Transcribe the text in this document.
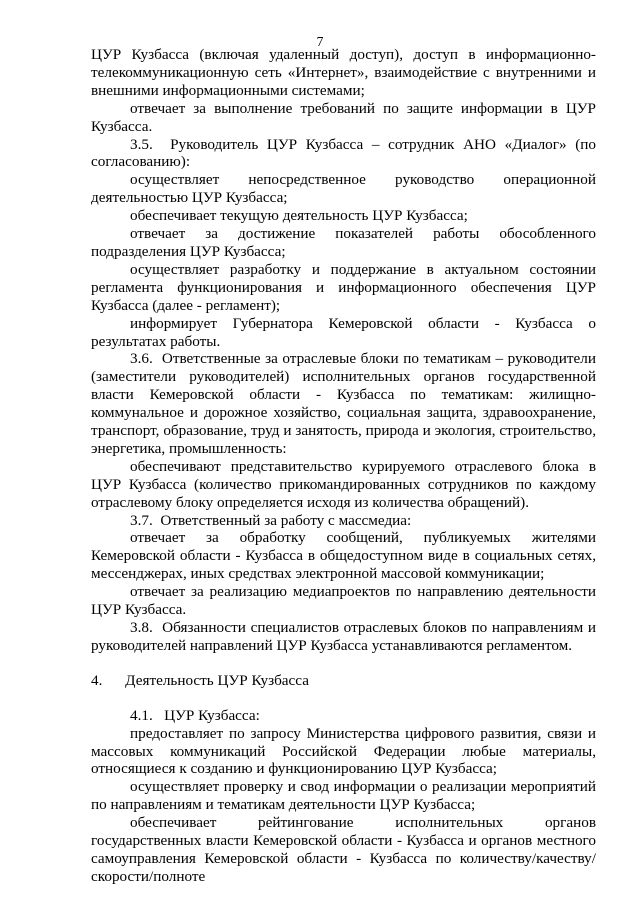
7

ЦУР Кузбасса (включая удаленный доступ), доступ в информационно-телекоммуникационную сеть «Интернет», взаимодействие с внутренними и внешними информационными системами;

отвечает за выполнение требований по защите информации в ЦУР Кузбасса.

3.5.  Руководитель ЦУР Кузбасса – сотрудник АНО «Диалог» (по согласованию):

осуществляет непосредственное руководство операционной деятельностью ЦУР Кузбасса;

обеспечивает текущую деятельность ЦУР Кузбасса;

отвечает за достижение показателей работы обособленного подразделения ЦУР Кузбасса;

осуществляет разработку и поддержание в актуальном состоянии регламента функционирования и информационного обеспечения ЦУР Кузбасса (далее - регламент);

информирует Губернатора Кемеровской области - Кузбасса о результатах работы.

3.6.  Ответственные за отраслевые блоки по тематикам – руководители (заместители руководителей) исполнительных органов государственной власти Кемеровской области - Кузбасса по тематикам: жилищно-коммунальное и дорожное хозяйство, социальная защита, здравоохранение, транспорт, образование, труд и занятость, природа и экология, строительство, энергетика, промышленность:

обеспечивают представительство курируемого отраслевого блока в ЦУР Кузбасса (количество прикомандированных сотрудников по каждому отраслевому блоку определяется исходя из количества обращений).

3.7.  Ответственный за работу с массмедиа:

отвечает за обработку сообщений, публикуемых жителями Кемеровской области - Кузбасса в общедоступном виде в социальных сетях, мессенджерах, иных средствах электронной массовой коммуникации;

отвечает за реализацию медиапроектов по направлению деятельности ЦУР Кузбасса.

3.8.  Обязанности специалистов отраслевых блоков по направлениям и руководителей направлений ЦУР Кузбасса устанавливаются регламентом.

4.      Деятельность ЦУР Кузбасса

4.1.   ЦУР Кузбасса:

предоставляет по запросу Министерства цифрового развития, связи и массовых коммуникаций Российской Федерации любые материалы, относящиеся к созданию и функционированию ЦУР Кузбасса;

осуществляет проверку и свод информации о реализации мероприятий по направлениям и тематикам деятельности ЦУР Кузбасса;

обеспечивает рейтингование исполнительных органов государственных власти Кемеровской области - Кузбасса и органов местного самоуправления Кемеровской области - Кузбасса по количеству/качеству/скорости/полноте
